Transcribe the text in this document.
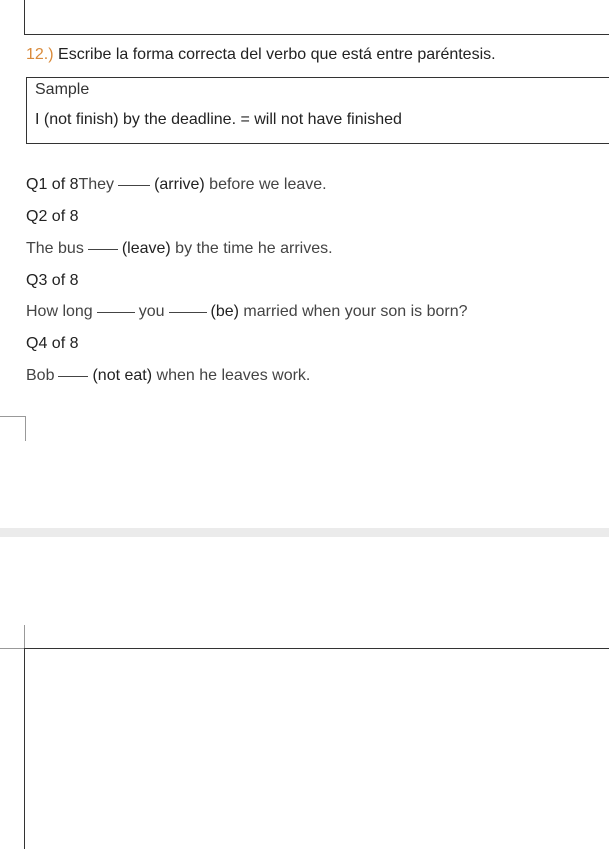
12.) Escribe la forma correcta del verbo que está entre paréntesis.
Sample
I (not finish) by the deadline. = will not have finished
Q1 of 8They	(arrive) before we leave.
Q2 of 8
The bus (leave) by the time he arrives.
Q3 of 8
How long	you	(be) married when your son is born?
Q4 of 8
Bob (not eat) when he leaves work.
